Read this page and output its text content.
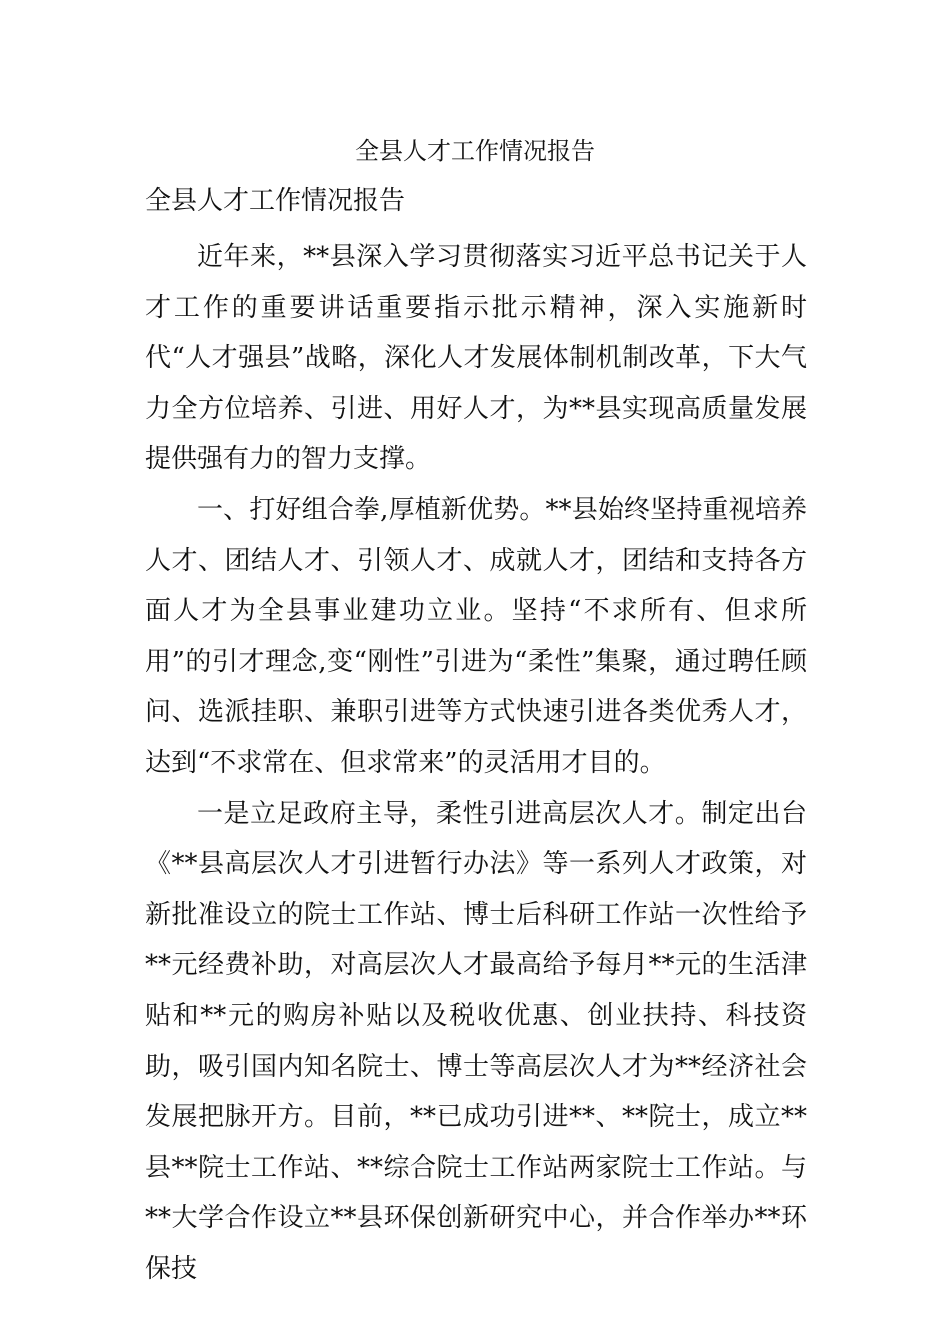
全县人才工作情况报告
全县人才工作情况报告

近年来，**县深入学习贯彻落实习近平总书记关于人才工作的重要讲话重要指示批示精神，深入实施新时代“人才强县”战略，深化人才发展体制机制改革，下大气力全方位培养、引进、用好人才，为**县实现高质量发展提供强有力的智力支撑。

一、打好组合拳,厚植新优势。**县始终坚持重视培养人才、团结人才、引领人才、成就人才，团结和支持各方面人才为全县事业建功立业。坚持“不求所有、但求所用”的引才理念,变“刚性”引进为“柔性”集聚，通过聘任顾问、选派挂职、兼职引进等方式快速引进各类优秀人才，达到“不求常在、但求常来”的灵活用才目的。

一是立足政府主导，柔性引进高层次人才。制定出台《**县高层次人才引进暂行办法》等一系列人才政策，对新批准设立的院士工作站、博士后科研工作站一次性给予**元经费补助，对高层次人才最高给予每月**元的生活津贴和**元的购房补贴以及税收优惠、创业扶持、科技资助，吸引国内知名院士、博士等高层次人才为**经济社会发展把脉开方。目前，**已成功引进**、**院士，成立**县**院士工作站、**综合院士工作站两家院士工作站。与**大学合作设立**县环保创新研究中心，并合作举办**环保技
